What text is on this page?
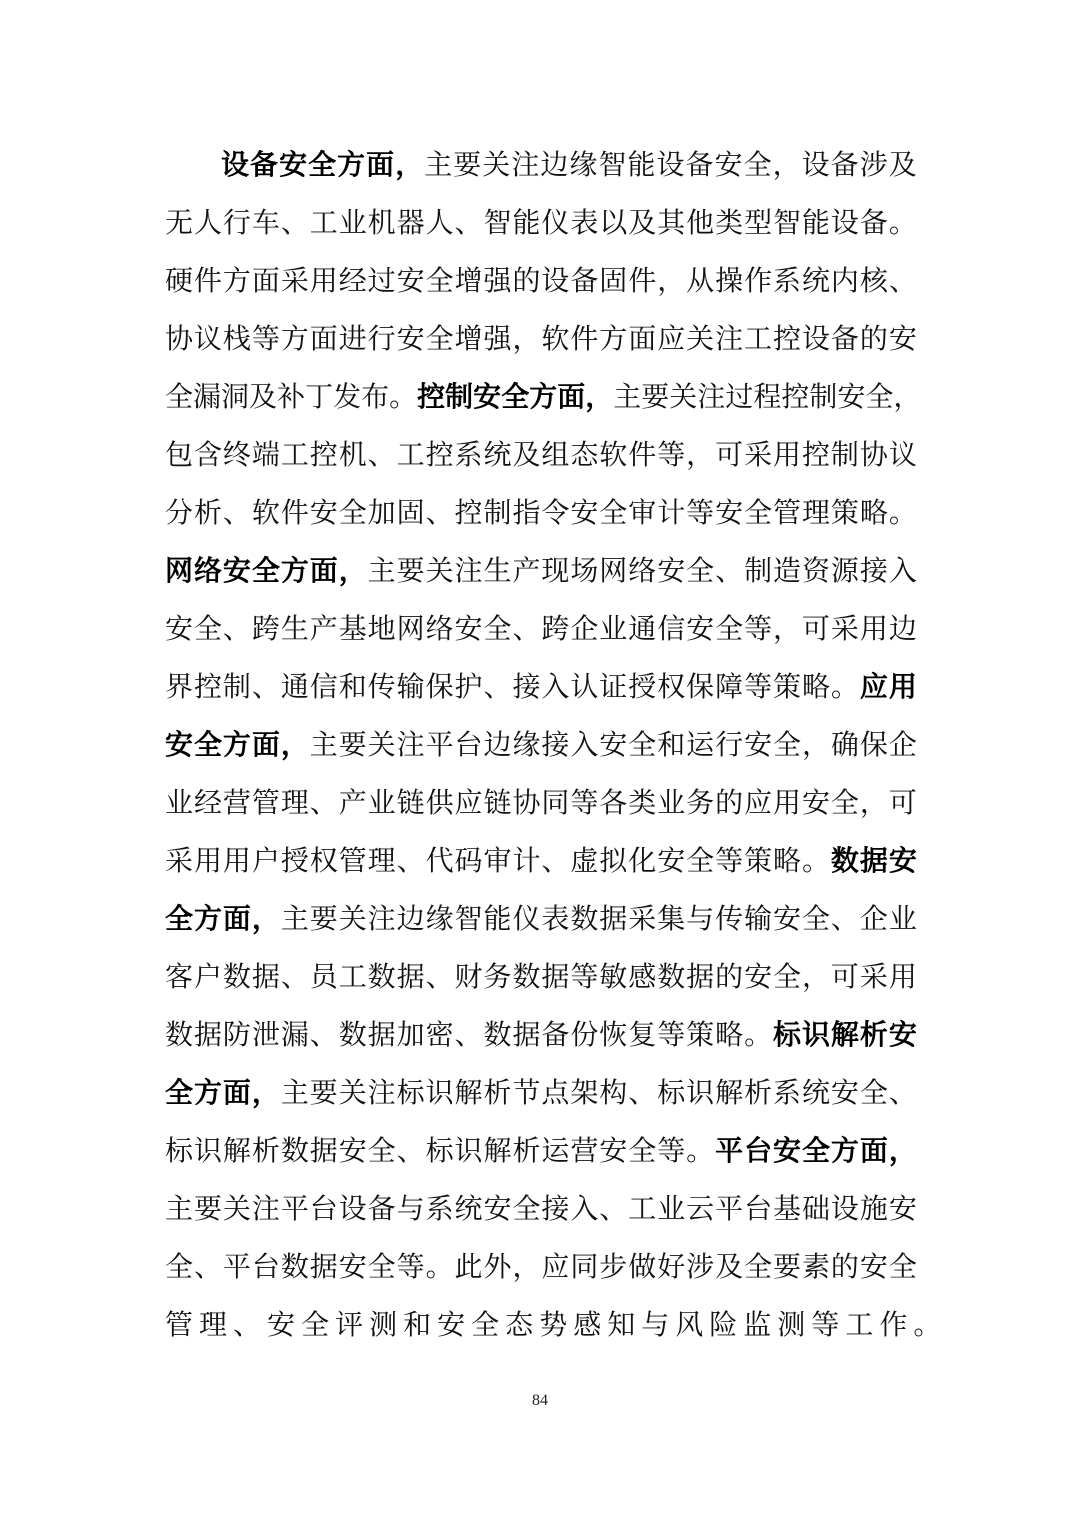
设 备 安 全 方 面 ， 主 要 关 注 边 缘 智 能 设 备 安 全 ， 设 备 涉 及
无 人 行 车 、 工 业 机 器 人 、 智 能 仪 表 以 及 其 他 类 型 智 能 设 备 。
硬 件 方 面 采 用 经 过 安 全 增 强 的 设 备 固 件 ， 从 操 作 系 统 内 核 、
协 议 栈 等 方 面 进 行 安 全 增 强 ， 软 件 方 面 应 关 注 工 控 设 备 的 安
全 漏 洞 及 补 丁 发 布 。 控 制 安 全 方 面 ， 主 要 关 注 过 程 控 制 安 全 ，
包 含 终 端 工 控 机 、 工 控 系 统 及 组 态 软 件 等 ， 可 采 用 控 制 协 议
分 析 、 软 件 安 全 加 固 、 控 制 指 令 安 全 审 计 等 安 全 管 理 策 略 。
网 络 安 全 方 面 ， 主 要 关 注 生 产 现 场 网 络 安 全 、 制 造 资 源 接 入
安 全 、 跨 生 产 基 地 网 络 安 全 、 跨 企 业 通 信 安 全 等 ， 可 采 用 边
界 控 制 、 通 信 和 传 输 保 护 、 接 入 认 证 授 权 保 障 等 策 略 。 应 用
安 全 方 面 ， 主 要 关 注 平 台 边 缘 接 入 安 全 和 运 行 安 全 ， 确 保 企
业 经 营 管 理 、 产 业 链 供 应 链 协 同 等 各 类 业 务 的 应 用 安 全 ， 可
采 用 用 户 授 权 管 理 、 代 码 审 计 、 虚 拟 化 安 全 等 策 略 。 数 据 安
全 方 面 ， 主 要 关 注 边 缘 智 能 仪 表 数 据 采 集 与 传 输 安 全 、 企 业
客 户 数 据 、 员 工 数 据 、 财 务 数 据 等 敏 感 数 据 的 安 全 ， 可 采 用
数 据 防 泄 漏 、 数 据 加 密 、 数 据 备 份 恢 复 等 策 略 。 标 识 解 析 安
全 方 面 ， 主 要 关 注 标 识 解 析 节 点 架 构 、 标 识 解 析 系 统 安 全 、
标 识 解 析 数 据 安 全 、 标 识 解 析 运 营 安 全 等 。 平 台 安 全 方 面 ，
主 要 关 注 平 台 设 备 与 系 统 安 全 接 入 、 工 业 云 平 台 基 础 设 施 安
全 、 平 台 数 据 安 全 等 。 此 外 ， 应 同 步 做 好 涉 及 全 要 素 的 安 全
管 理 、 安 全 评 测 和 安 全 态 势 感 知 与 风 险 监 测 等 工 作 。
84
